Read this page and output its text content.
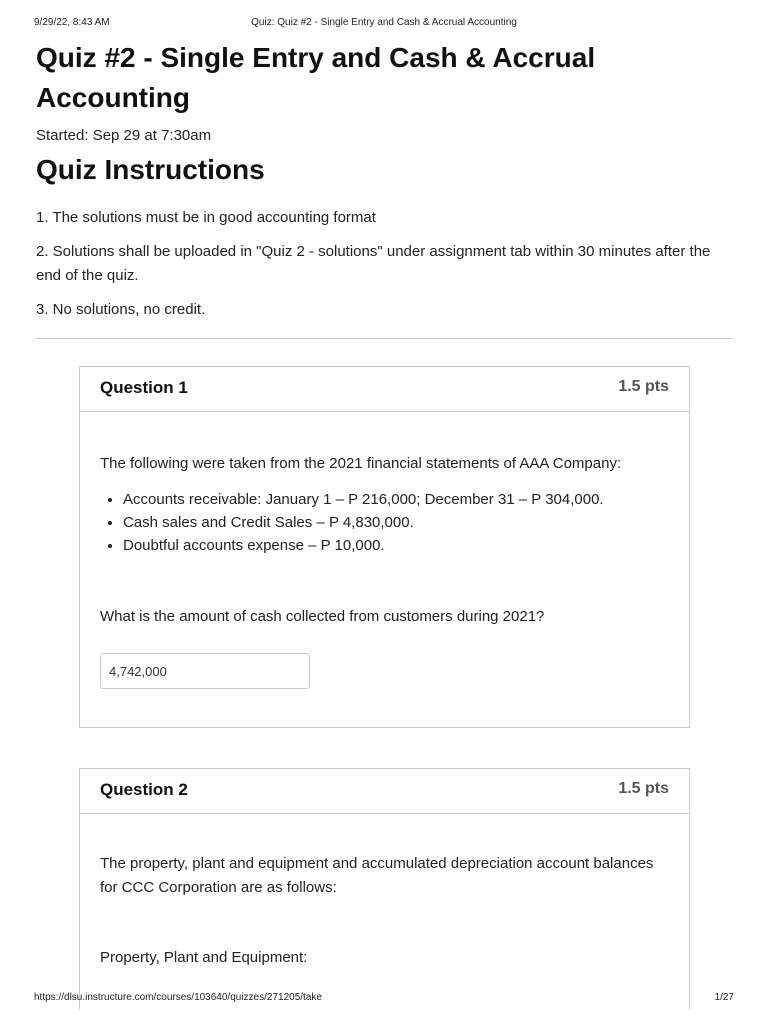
9/29/22, 8:43 AM	Quiz: Quiz #2 - Single Entry and Cash & Accrual Accounting
Quiz #2 - Single Entry and Cash & Accrual Accounting
Started: Sep 29 at 7:30am
Quiz Instructions
1. The solutions must be in good accounting format
2. Solutions shall be uploaded in "Quiz 2 - solutions" under assignment tab within 30 minutes after the end of the quiz.
3. No solutions, no credit.
Question 1	1.5 pts
The following were taken from the 2021 financial statements of AAA Company:
• Accounts receivable: January 1 – P 216,000; December 31 – P 304,000.
• Cash sales and Credit Sales – P 4,830,000.
• Doubtful accounts expense – P 10,000.
What is the amount of cash collected from customers during 2021?
4,742,000
Question 2	1.5 pts
The property, plant and equipment and accumulated depreciation account balances for CCC Corporation are as follows:
Property, Plant and Equipment:
https://dlsu.instructure.com/courses/103640/quizzes/271205/take	1/27
